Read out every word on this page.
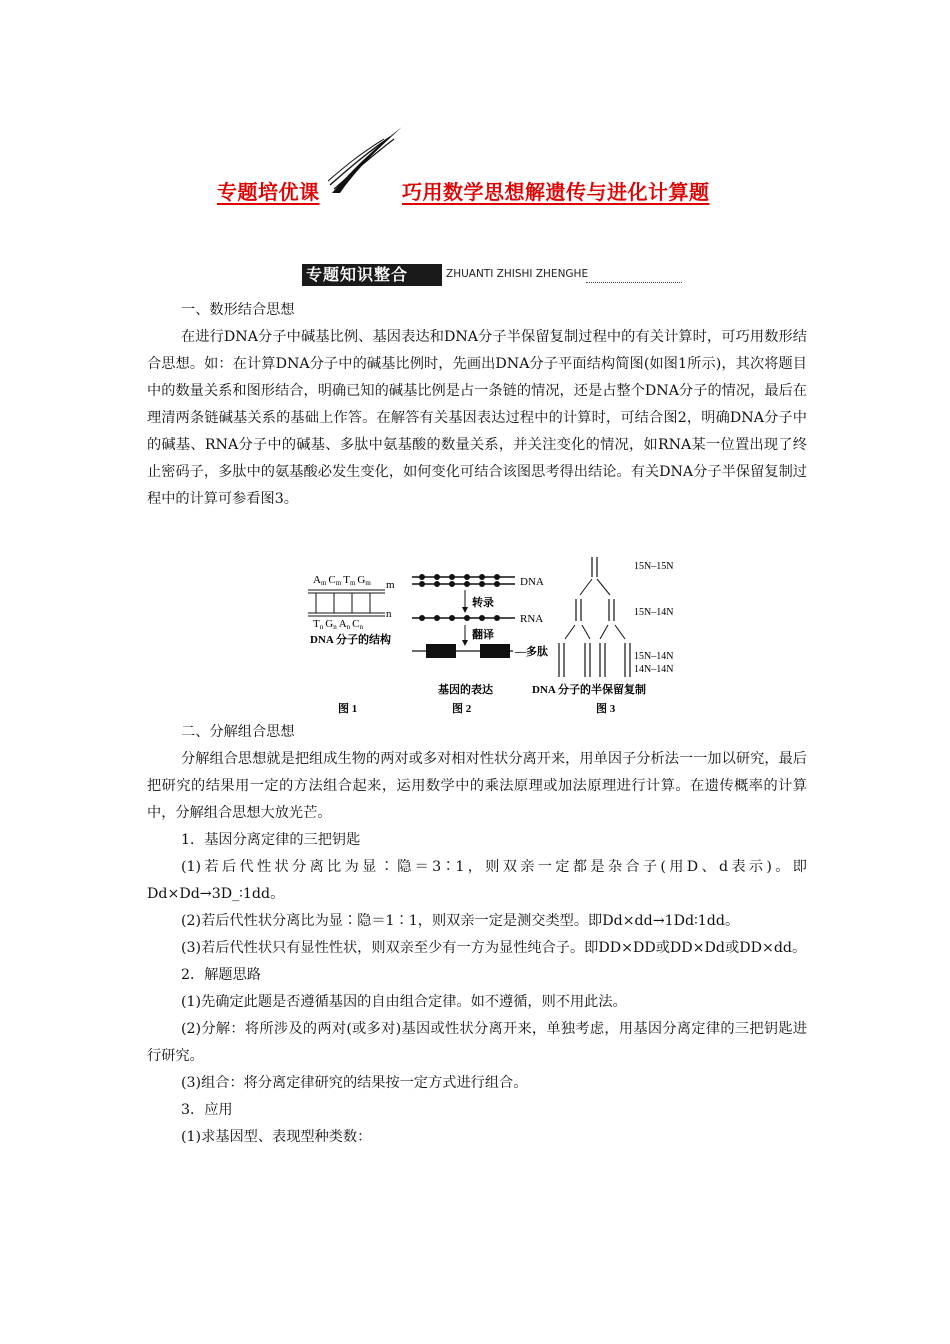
专题培优课	巧用数学思想解遗传与进化计算题
专题知识整合	ZHUANTI ZHISHI ZHENGHE

一、数形结合思想

在进行DNA分子中碱基比例、基因表达和DNA分子半保留复制过程中的有关计算时，可巧用数形结合思想。如：在计算DNA分子中的碱基比例时，先画出DNA分子平面结构简图(如图1所示)，其次将题目中的数量关系和图形结合，明确已知的碱基比例是占一条链的情况，还是占整个DNA分子的情况，最后在理清两条链碱基关系的基础上作答。在解答有关基因表达过程中的计算时，可结合图2，明确DNA分子中的碱基、RNA分子中的碱基、多肽中氨基酸的数量关系，并关注变化的情况，如RNA某一位置出现了终止密码子，多肽中的氨基酸必发生变化，如何变化可结合该图思考得出结论。有关DNA分子半保留复制过程中的计算可参看图3。

Am Cm Tm Gm m
n
Tn Gn An Cn
DNA 分子的结构
图 1
DNA
转录
RNA
翻译
—多肽
基因的表达
图 2
15N–15N
15N–14N
15N–14N
14N–14N
DNA 分子的半保留复制
图 3

二、分解组合思想

分解组合思想就是把组成生物的两对或多对相对性状分离开来，用单因子分析法一一加以研究，最后把研究的结果用一定的方法组合起来，运用数学中的乘法原理或加法原理进行计算。在遗传概率的计算中，分解组合思想大放光芒。

1．基因分离定律的三把钥匙

(1)若后代性状分离比为显∶隐＝3∶1，则双亲一定都是杂合子(用D、d表示)。即Dd×Dd→3D_∶1dd。

(2)若后代性状分离比为显∶隐＝1∶1，则双亲一定是测交类型。即Dd×dd→1Dd∶1dd。

(3)若后代性状只有显性性状，则双亲至少有一方为显性纯合子。即DD×DD或DD×Dd或DD×dd。

2．解题思路

(1)先确定此题是否遵循基因的自由组合定律。如不遵循，则不用此法。

(2)分解：将所涉及的两对(或多对)基因或性状分离开来，单独考虑，用基因分离定律的三把钥匙进行研究。

(3)组合：将分离定律研究的结果按一定方式进行组合。

3．应用

(1)求基因型、表现型种类数：
